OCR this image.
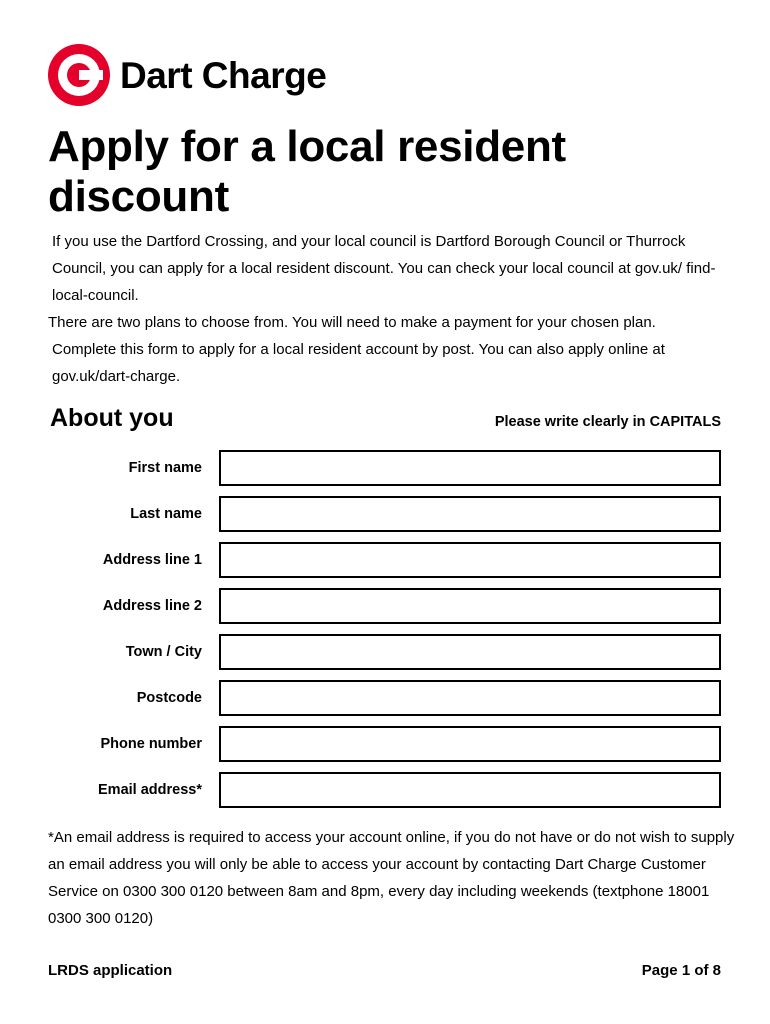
Dart Charge
Apply for a local resident discount

If you use the Dartford Crossing, and your local council is Dartford Borough Council or Thurrock Council, you can apply for a local resident discount. You can check your local council at gov.uk/ find-local-council.

There are two plans to choose from. You will need to make a payment for your chosen plan.

Complete this form to apply for a local resident account by post. You can also apply online at gov.uk/dart-charge.

About you	Please write clearly in CAPITALS
First name
Last name
Address line 1
Address line 2
Town / City
Postcode
Phone number
Email address*
*An email address is required to access your account online, if you do not have or do not wish to supply an email address you will only be able to access your account by contacting Dart Charge Customer Service on 0300 300 0120 between 8am and 8pm, every day including weekends (textphone 18001 0300 300 0120)
LRDS application	Page 1 of 8
